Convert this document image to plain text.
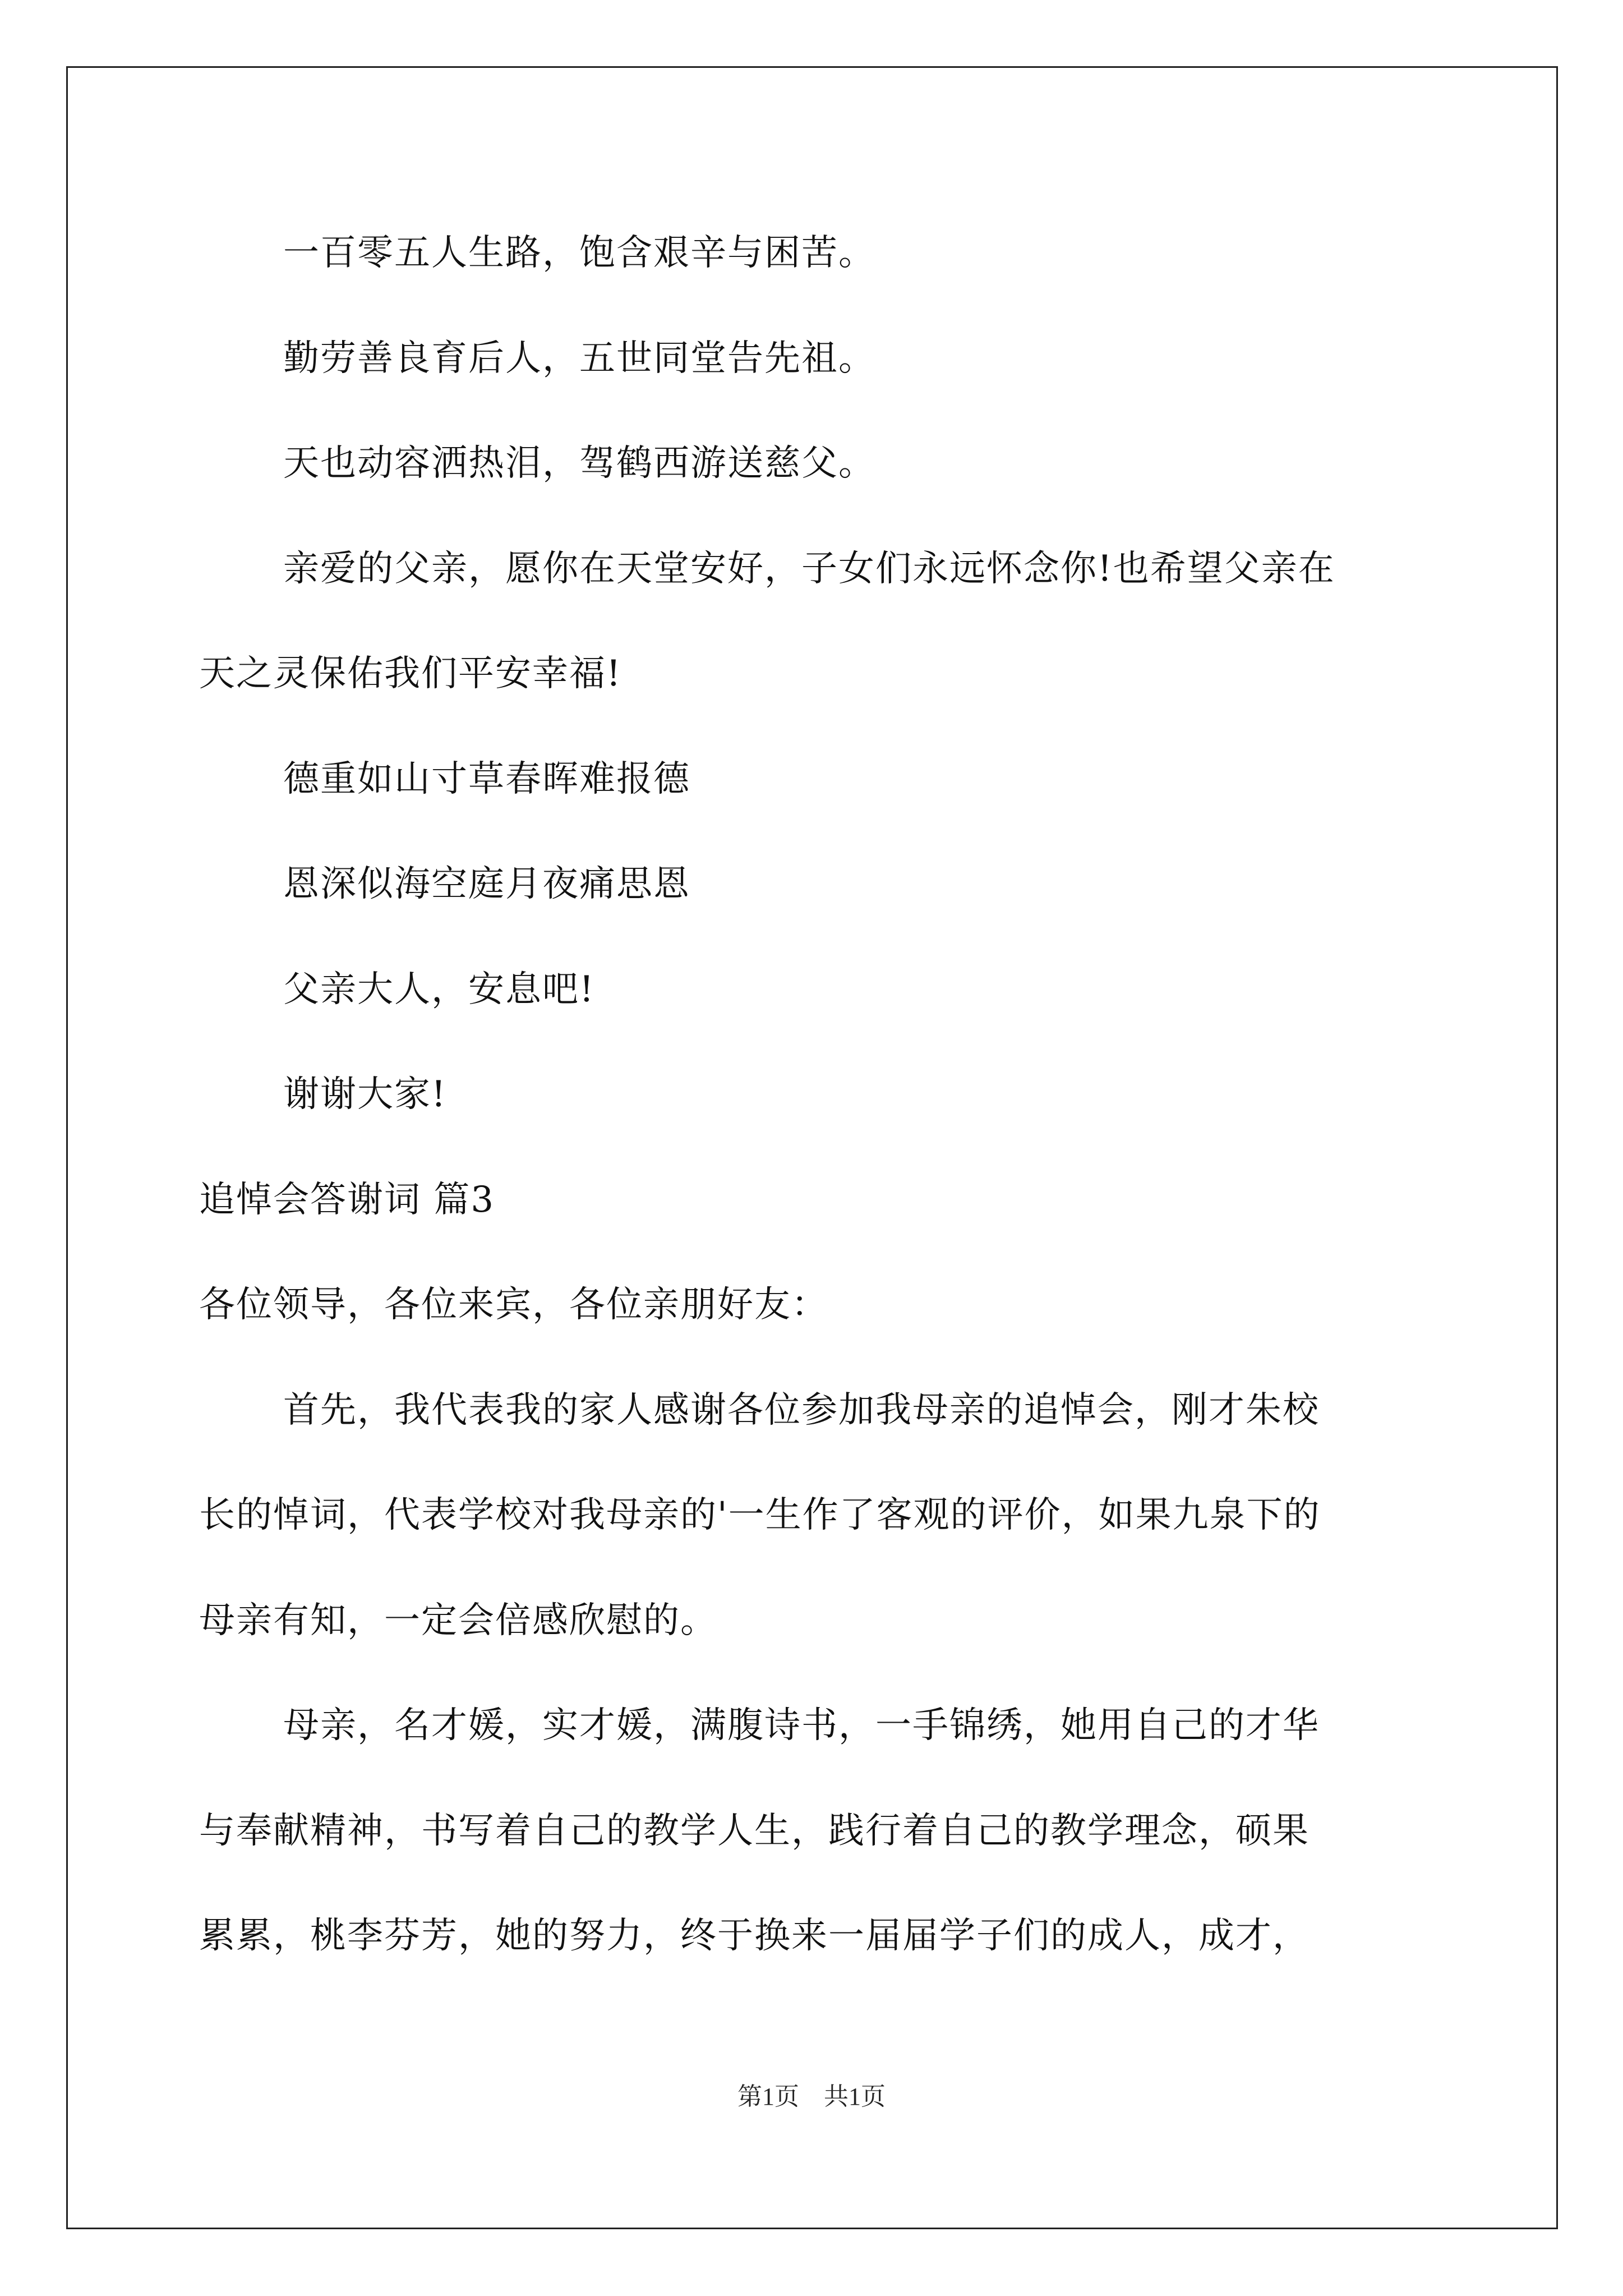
一百零五人生路，饱含艰辛与困苦。
勤劳善良育后人，五世同堂告先祖。
天也动容洒热泪，驾鹤西游送慈父。
亲爱的父亲，愿你在天堂安好，子女们永远怀念你!也希望父亲在
天之灵保佑我们平安幸福!
德重如山寸草春晖难报德
恩深似海空庭月夜痛思恩
父亲大人，安息吧!
谢谢大家!
追悼会答谢词 篇3
各位领导，各位来宾，各位亲朋好友：
首先，我代表我的家人感谢各位参加我母亲的追悼会，刚才朱校
长的悼词，代表学校对我母亲的'一生作了客观的评价，如果九泉下的
母亲有知，一定会倍感欣慰的。
母亲，名才媛，实才媛，满腹诗书，一手锦绣，她用自己的才华
与奉献精神，书写着自己的教学人生，践行着自己的教学理念，硕果
累累，桃李芬芳，她的努力，终于换来一届届学子们的成人，成才，
第1页　共1页
